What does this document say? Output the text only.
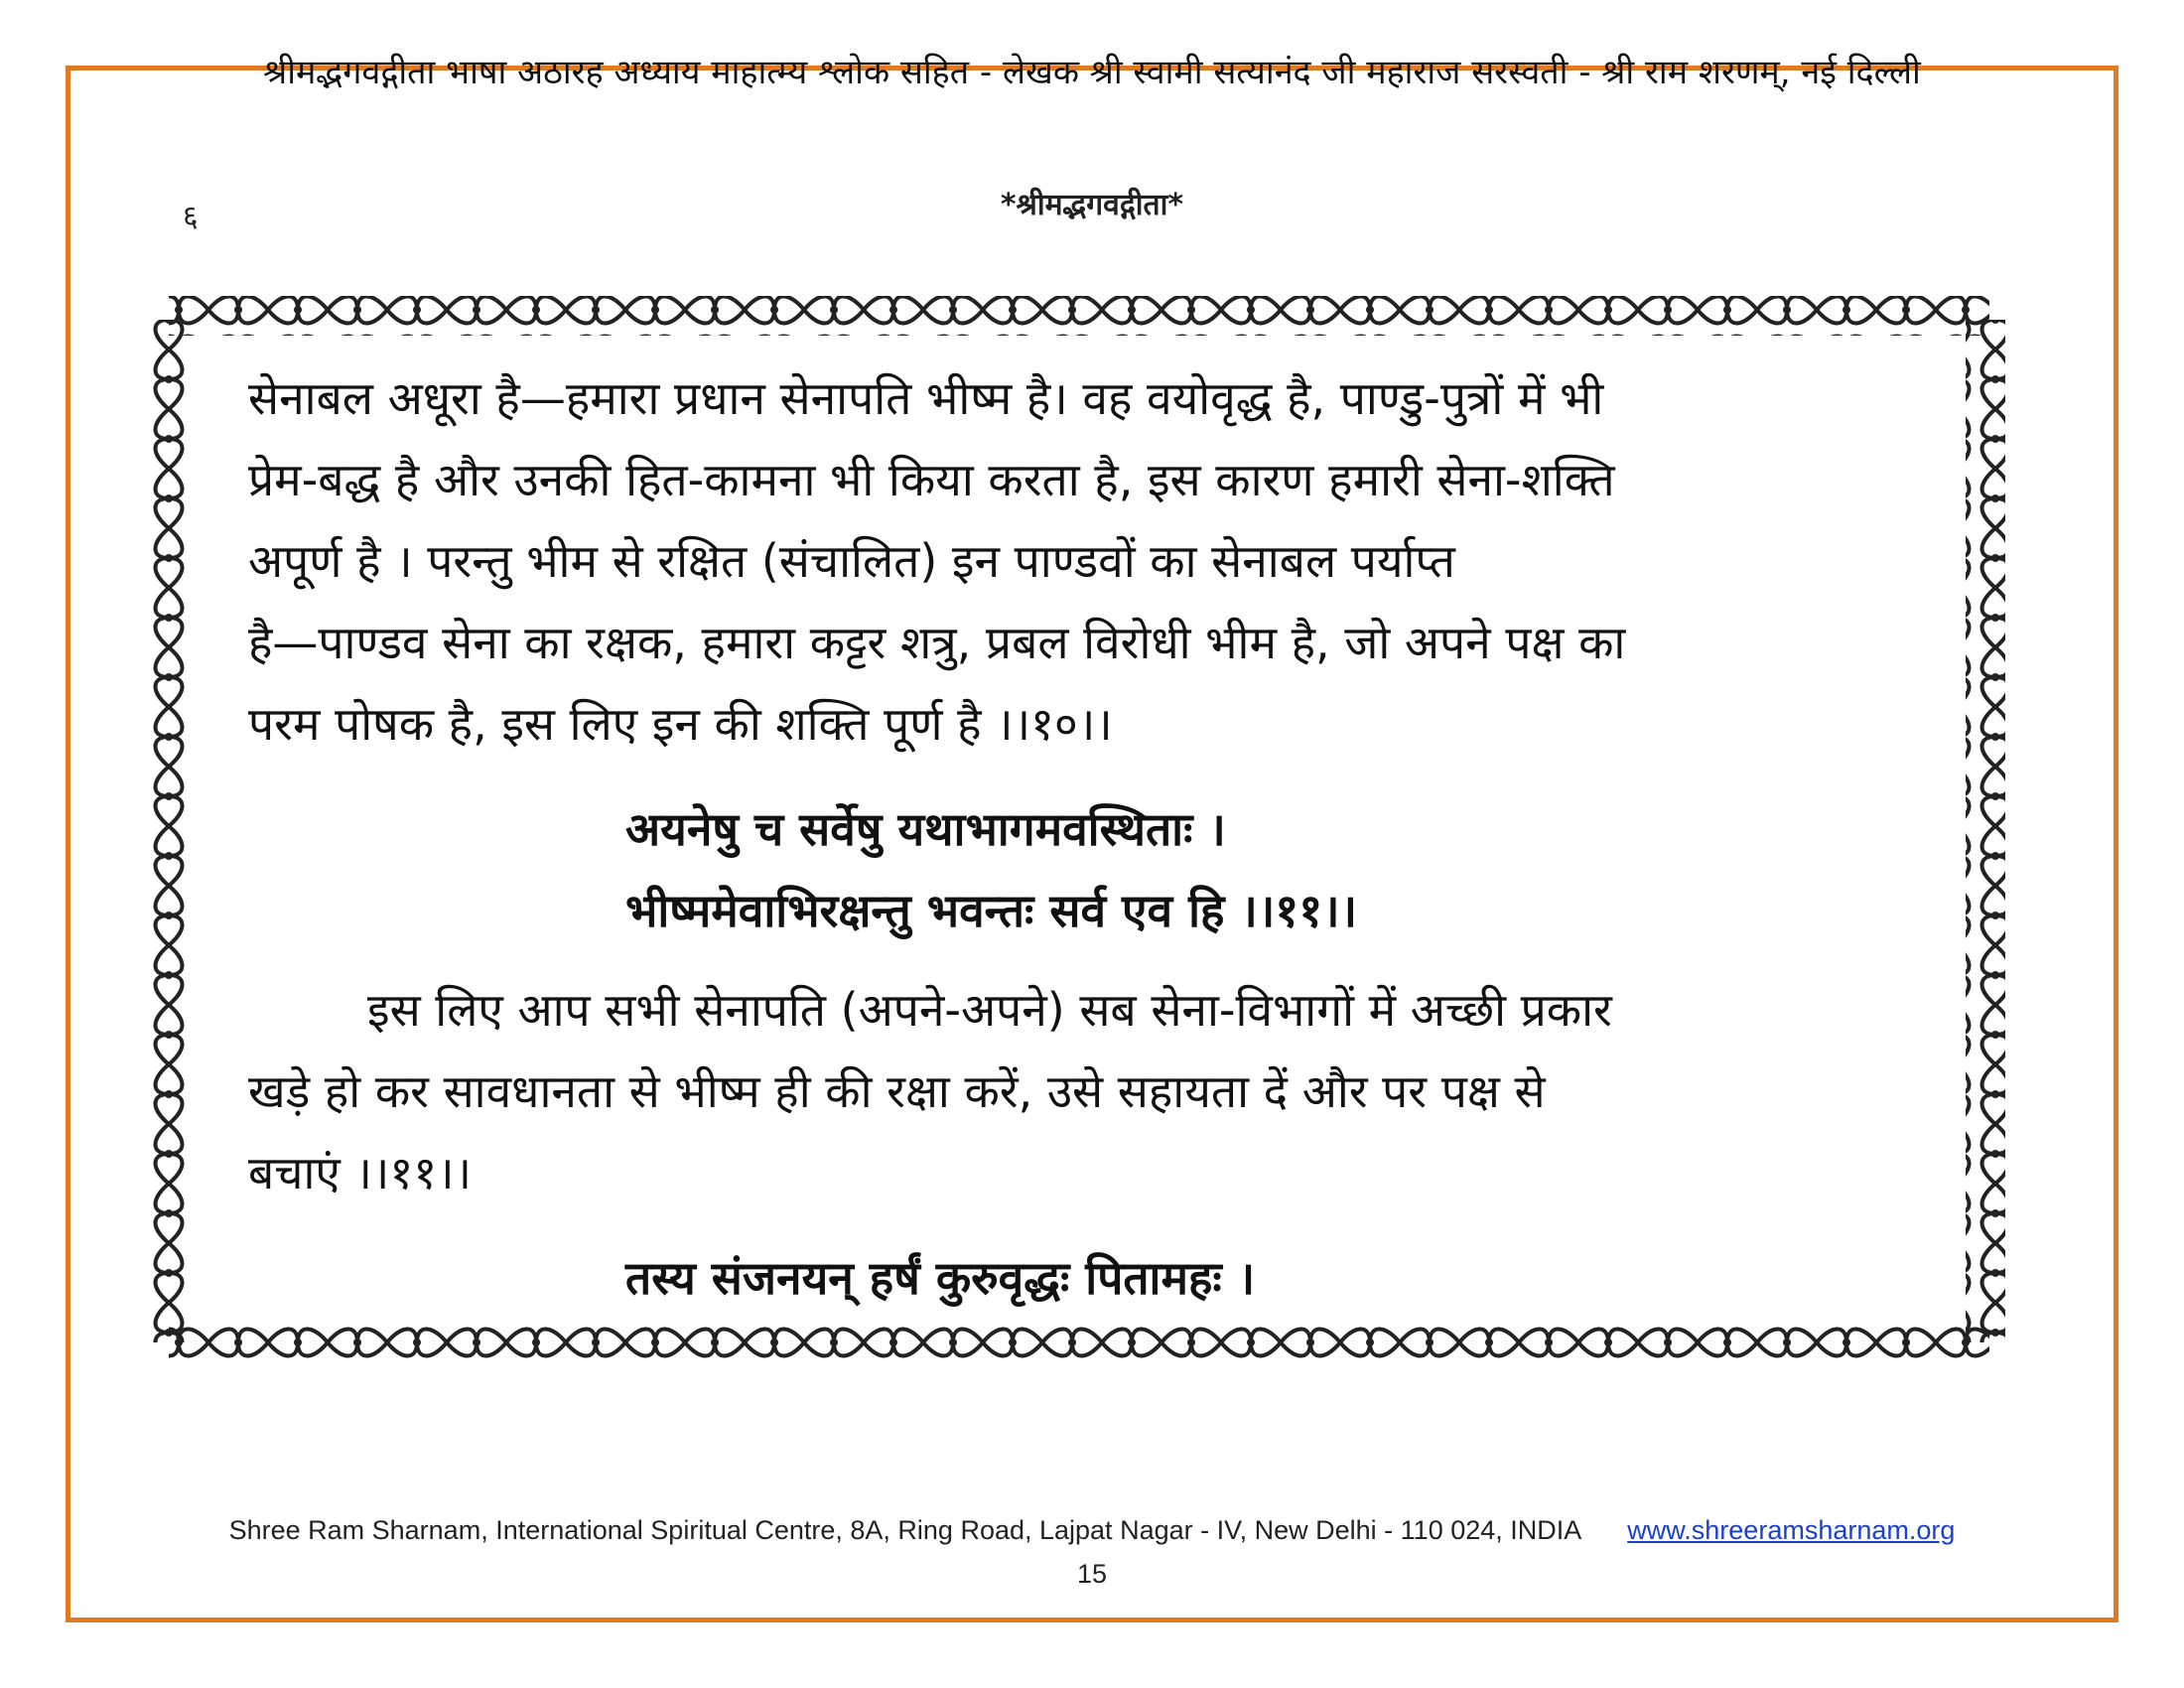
श्रीमद्भगवद्गीता भाषा अठारह अध्याय माहात्म्य श्लोक सहित - लेखक श्री स्वामी सत्यानंद जी महाराज सरस्वती - श्री राम शरणम्, नई दिल्ली
६	*श्रीमद्भगवद्गीता*
सेनाबल अधूरा है—हमारा प्रधान सेनापति भीष्म है। वह वयोवृद्ध है, पाण्डु-पुत्रों में भी
प्रेम-बद्ध है और उनकी हित-कामना भी किया करता है, इस कारण हमारी सेना-शक्ति
अपूर्ण है । परन्तु भीम से रक्षित (संचालित) इन पाण्डवों का सेनाबल पर्याप्त
है—पाण्डव सेना का रक्षक, हमारा कट्टर शत्रु, प्रबल विरोधी भीम है, जो अपने पक्ष का
परम पोषक है, इस लिए इन की शक्ति पूर्ण है ।।१०।।
अयनेषु च सर्वेषु यथाभागमवस्थिताः ।
भीष्ममेवाभिरक्षन्तु भवन्तः सर्व एव हि ।।११।।
इस लिए आप सभी सेनापति (अपने-अपने) सब सेना-विभागों में अच्छी प्रकार
खड़े हो कर सावधानता से भीष्म ही की रक्षा करें, उसे सहायता दें और पर पक्ष से
बचाएं ।।११।।
तस्य संजनयन् हर्षं कुरुवृद्धः पितामहः ।
Shree Ram Sharnam, International Spiritual Centre, 8A, Ring Road, Lajpat Nagar - IV, New Delhi - 110 024, INDIA www.shreeramsharnam.org
15
